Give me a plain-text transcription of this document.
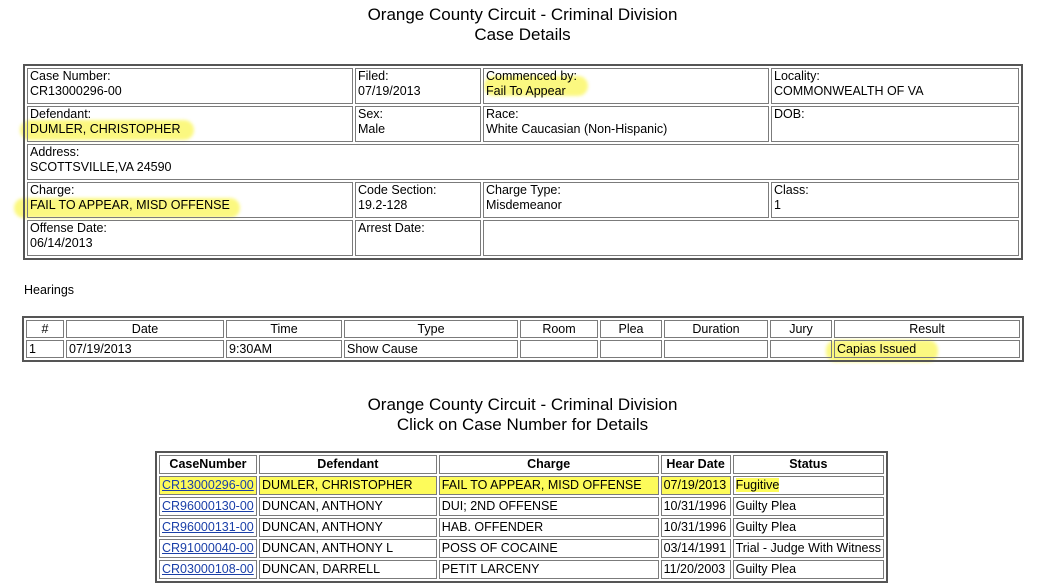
Orange County Circuit - Criminal Division
Case Details
Case Number:
CR13000296-00	Filed:
07/19/2013	Commenced by:
Fail To Appear	Locality:
COMMONWEALTH OF VA

Defendant:
DUMLER, CHRISTOPHER	Sex:
Male	Race:
White Caucasian (Non-Hispanic)	DOB:

Address:
SCOTTSVILLE,VA 24590			

Charge:
FAIL TO APPEAR, MISD OFFENSE	Code Section:
19.2-128	Charge Type:
Misdemeanor	Class:
1

Offense Date:
06/14/2013	Arrest Date:		

Hearings
#	Date	Time	Type	Room	Plea	Duration	Jury	Result
1	07/19/2013	9:30AM	Show Cause					Capias Issued
Orange County Circuit - Criminal Division
Click on Case Number for Details
CaseNumber	Defendant	Charge	Hear Date	Status
CR13000296-00	DUMLER, CHRISTOPHER	FAIL TO APPEAR, MISD OFFENSE	07/19/2013	Fugitive
CR96000130-00	DUNCAN, ANTHONY	DUI; 2ND OFFENSE	10/31/1996	Guilty Plea
CR96000131-00	DUNCAN, ANTHONY	HAB. OFFENDER	10/31/1996	Guilty Plea
CR91000040-00	DUNCAN, ANTHONY L	POSS OF COCAINE	03/14/1991	Trial - Judge With Witness
CR03000108-00	DUNCAN, DARRELL	PETIT LARCENY	11/20/2003	Guilty Plea
